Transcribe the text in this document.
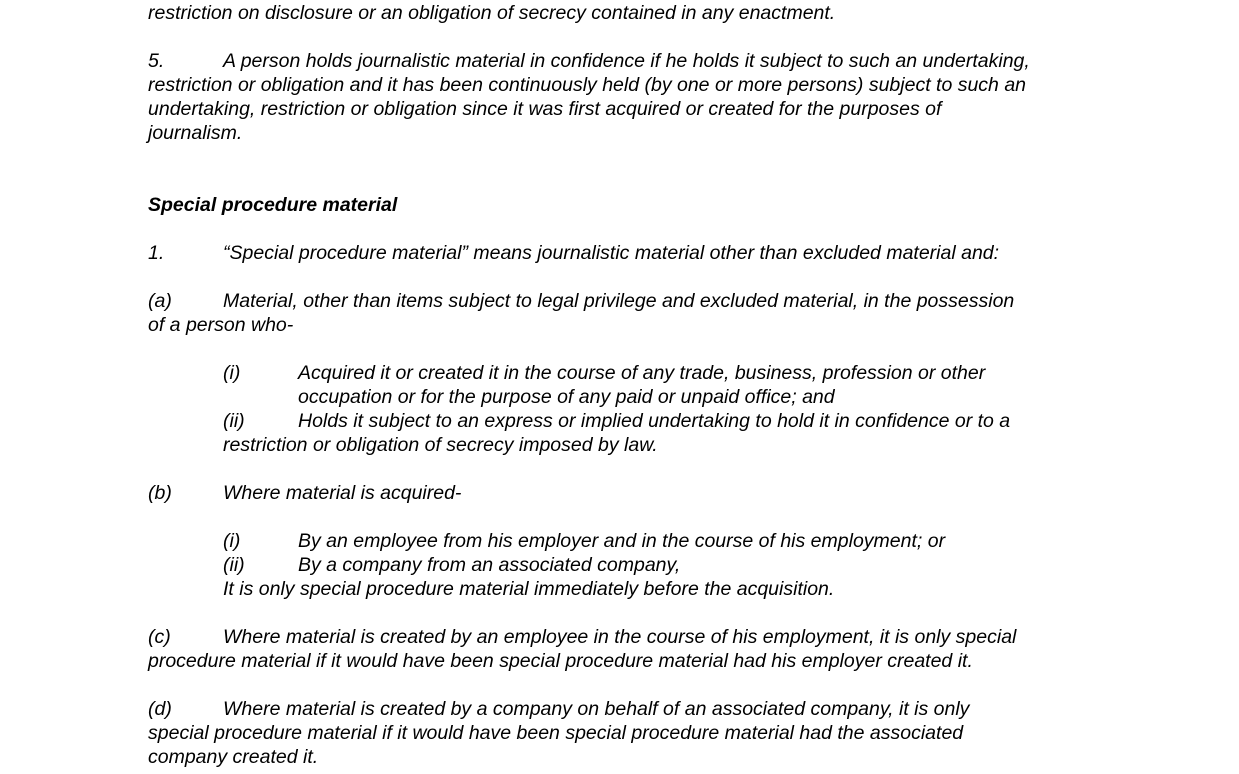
restriction on disclosure or an obligation of secrecy contained in any enactment.

5.	A person holds journalistic material in confidence if he holds it subject to such an undertaking,

restriction or obligation and it has been continuously held (by one or more persons) subject to such an

undertaking, restriction or obligation since it was first acquired or created for the purposes of

journalism.

Special procedure material

1.	“Special procedure material” means journalistic material other than excluded material and:

(a)	Material, other than items subject to legal privilege and excluded material, in the possession

of a person who-

(i)	Acquired it or created it in the course of any trade, business, profession or other

occupation or for the purpose of any paid or unpaid office; and

(ii)	Holds it subject to an express or implied undertaking to hold it in confidence or to a

restriction or obligation of secrecy imposed by law.

(b)	Where material is acquired-

(i)	By an employee from his employer and in the course of his employment; or

(ii)	By a company from an associated company,

It is only special procedure material immediately before the acquisition.

(c)	Where material is created by an employee in the course of his employment, it is only special

procedure material if it would have been special procedure material had his employer created it.

(d)	Where material is created by a company on behalf of an associated company, it is only

special procedure material if it would have been special procedure material had the associated

company created it.
